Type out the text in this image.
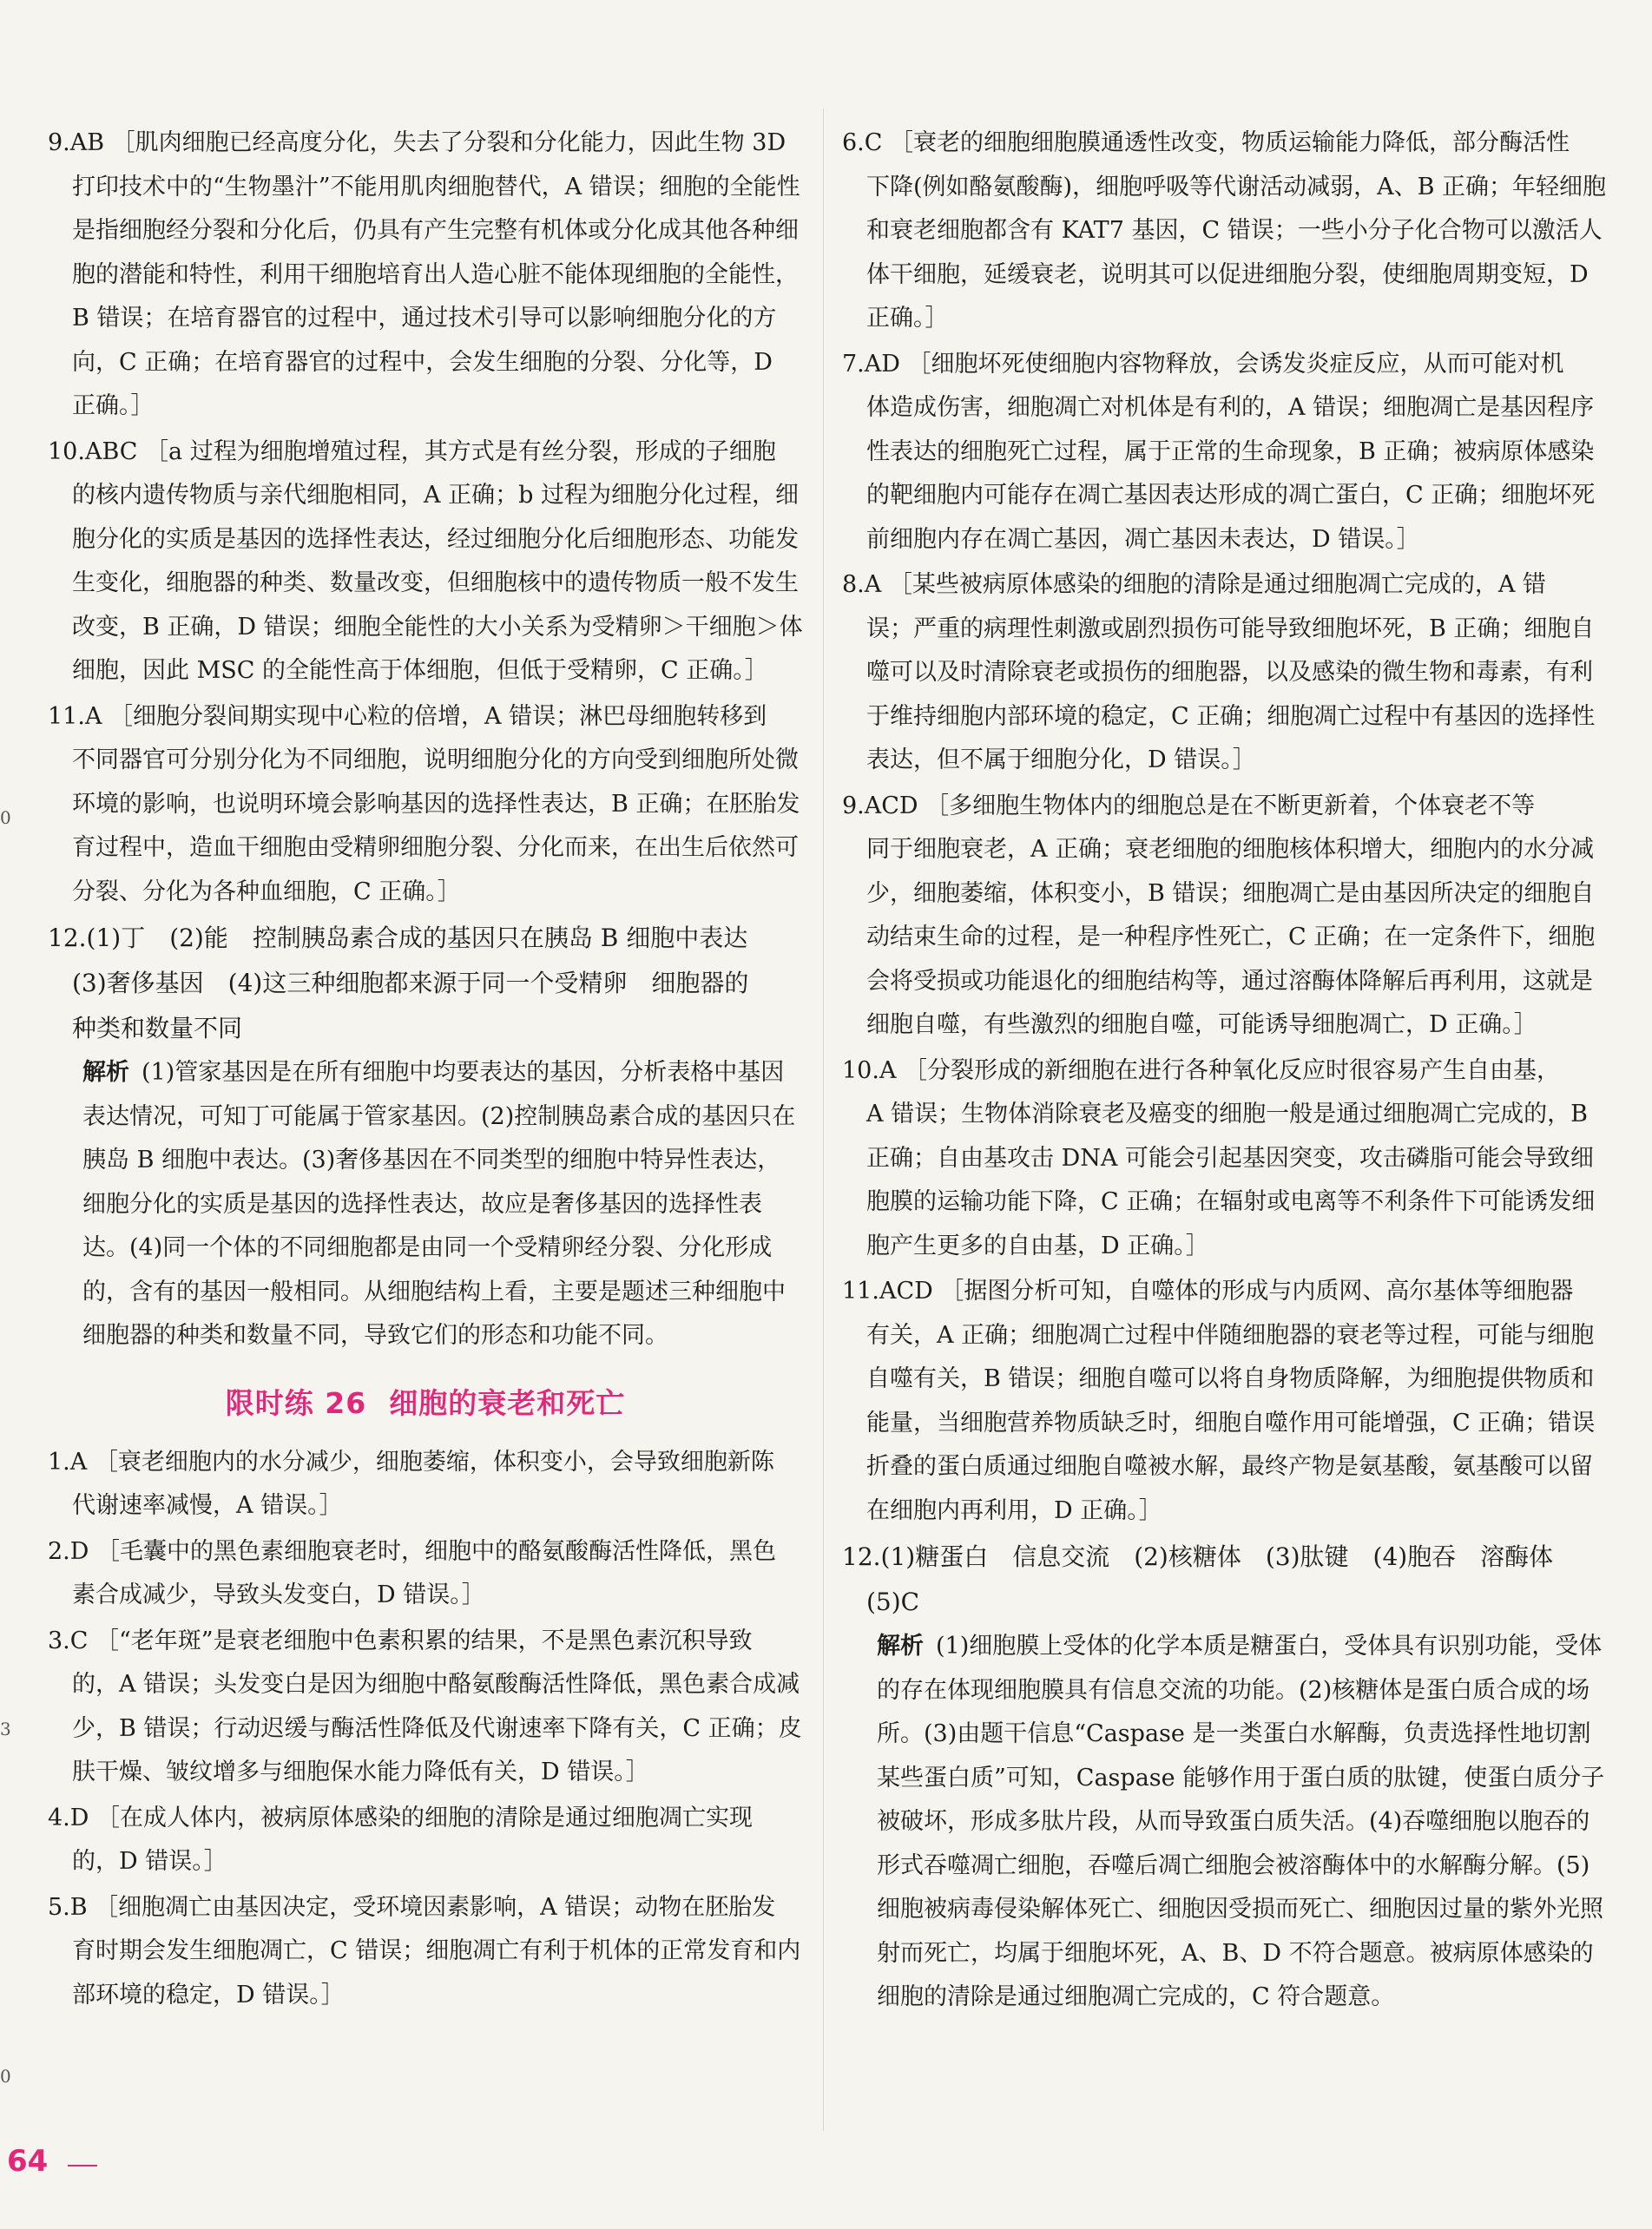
0
3
0
9.AB ［肌肉细胞已经高度分化，失去了分裂和分化能力，因此生物 3D
打印技术中的“生物墨汁”不能用肌肉细胞替代，A 错误；细胞的全能性是指细胞经分裂和分化后，仍具有产生完整有机体或分化成其他各种细胞的潜能和特性，利用干细胞培育出人造心脏不能体现细胞的全能性，B 错误；在培育器官的过程中，通过技术引导可以影响细胞分化的方向，C 正确；在培育器官的过程中，会发生细胞的分裂、分化等，D 正确。］
10.ABC ［a 过程为细胞增殖过程，其方式是有丝分裂，形成的子细胞
的核内遗传物质与亲代细胞相同，A 正确；b 过程为细胞分化过程，细胞分化的实质是基因的选择性表达，经过细胞分化后细胞形态、功能发生变化，细胞器的种类、数量改变，但细胞核中的遗传物质一般不发生改变，B 正确，D 错误；细胞全能性的大小关系为受精卵＞干细胞＞体细胞，因此 MSC 的全能性高于体细胞，但低于受精卵，C 正确。］
11.A ［细胞分裂间期实现中心粒的倍增，A 错误；淋巴母细胞转移到
不同器官可分别分化为不同细胞，说明细胞分化的方向受到细胞所处微环境的影响，也说明环境会影响基因的选择性表达，B 正确；在胚胎发育过程中，造血干细胞由受精卵细胞分裂、分化而来，在出生后依然可分裂、分化为各种血细胞，C 正确。］
12.(1)丁　(2)能　控制胰岛素合成的基因只在胰岛 B 细胞中表达
(3)奢侈基因　(4)这三种细胞都来源于同一个受精卵　细胞器的
种类和数量不同
解析 (1)管家基因是在所有细胞中均要表达的基因，分析表格中基因表达情况，可知丁可能属于管家基因。(2)控制胰岛素合成的基因只在胰岛 B 细胞中表达。(3)奢侈基因在不同类型的细胞中特异性表达，细胞分化的实质是基因的选择性表达，故应是奢侈基因的选择性表达。(4)同一个体的不同细胞都是由同一个受精卵经分裂、分化形成的，含有的基因一般相同。从细胞结构上看，主要是题述三种细胞中细胞器的种类和数量不同，导致它们的形态和功能不同。
限时练 26 细胞的衰老和死亡
1.A ［衰老细胞内的水分减少，细胞萎缩，体积变小，会导致细胞新陈
代谢速率减慢，A 错误。］
2.D ［毛囊中的黑色素细胞衰老时，细胞中的酪氨酸酶活性降低，黑色
素合成减少，导致头发变白，D 错误。］
3.C ［“老年斑”是衰老细胞中色素积累的结果，不是黑色素沉积导致
的，A 错误；头发变白是因为细胞中酪氨酸酶活性降低，黑色素合成减少，B 错误；行动迟缓与酶活性降低及代谢速率下降有关，C 正确；皮肤干燥、皱纹增多与细胞保水能力降低有关，D 错误。］
4.D ［在成人体内，被病原体感染的细胞的清除是通过细胞凋亡实现
的，D 错误。］
5.B ［细胞凋亡由基因决定，受环境因素影响，A 错误；动物在胚胎发
育时期会发生细胞凋亡，C 错误；细胞凋亡有利于机体的正常发育和内部环境的稳定，D 错误。］
6.C ［衰老的细胞细胞膜通透性改变，物质运输能力降低，部分酶活性
下降(例如酪氨酸酶)，细胞呼吸等代谢活动减弱，A、B 正确；年轻细胞和衰老细胞都含有 KAT7 基因，C 错误；一些小分子化合物可以激活人体干细胞，延缓衰老，说明其可以促进细胞分裂，使细胞周期变短，D 正确。］
7.AD ［细胞坏死使细胞内容物释放，会诱发炎症反应，从而可能对机
体造成伤害，细胞凋亡对机体是有利的，A 错误；细胞凋亡是基因程序性表达的细胞死亡过程，属于正常的生命现象，B 正确；被病原体感染的靶细胞内可能存在凋亡基因表达形成的凋亡蛋白，C 正确；细胞坏死前细胞内存在凋亡基因，凋亡基因未表达，D 错误。］
8.A ［某些被病原体感染的细胞的清除是通过细胞凋亡完成的，A 错
误；严重的病理性刺激或剧烈损伤可能导致细胞坏死，B 正确；细胞自噬可以及时清除衰老或损伤的细胞器，以及感染的微生物和毒素，有利于维持细胞内部环境的稳定，C 正确；细胞凋亡过程中有基因的选择性表达，但不属于细胞分化，D 错误。］
9.ACD ［多细胞生物体内的细胞总是在不断更新着，个体衰老不等
同于细胞衰老，A 正确；衰老细胞的细胞核体积增大，细胞内的水分减少，细胞萎缩，体积变小，B 错误；细胞凋亡是由基因所决定的细胞自动结束生命的过程，是一种程序性死亡，C 正确；在一定条件下，细胞会将受损或功能退化的细胞结构等，通过溶酶体降解后再利用，这就是细胞自噬，有些激烈的细胞自噬，可能诱导细胞凋亡，D 正确。］
10.A ［分裂形成的新细胞在进行各种氧化反应时很容易产生自由基，
A 错误；生物体消除衰老及癌变的细胞一般是通过细胞凋亡完成的，B 正确；自由基攻击 DNA 可能会引起基因突变，攻击磷脂可能会导致细胞膜的运输功能下降，C 正确；在辐射或电离等不利条件下可能诱发细胞产生更多的自由基，D 正确。］
11.ACD ［据图分析可知，自噬体的形成与内质网、高尔基体等细胞器
有关，A 正确；细胞凋亡过程中伴随细胞器的衰老等过程，可能与细胞自噬有关，B 错误；细胞自噬可以将自身物质降解，为细胞提供物质和能量，当细胞营养物质缺乏时，细胞自噬作用可能增强，C 正确；错误折叠的蛋白质通过细胞自噬被水解，最终产物是氨基酸，氨基酸可以留在细胞内再利用，D 正确。］
12.(1)糖蛋白　信息交流　(2)核糖体　(3)肽键　(4)胞吞　溶酶体
(5)C
解析 (1)细胞膜上受体的化学本质是糖蛋白，受体具有识别功能，受体的存在体现细胞膜具有信息交流的功能。(2)核糖体是蛋白质合成的场所。(3)由题干信息“Caspase 是一类蛋白水解酶，负责选择性地切割某些蛋白质”可知，Caspase 能够作用于蛋白质的肽键，使蛋白质分子被破坏，形成多肽片段，从而导致蛋白质失活。(4)吞噬细胞以胞吞的形式吞噬凋亡细胞，吞噬后凋亡细胞会被溶酶体中的水解酶分解。(5)细胞被病毒侵染解体死亡、细胞因受损而死亡、细胞因过量的紫外光照射而死亡，均属于细胞坏死，A、B、D 不符合题意。被病原体感染的细胞的清除是通过细胞凋亡完成的，C 符合题意。
64
